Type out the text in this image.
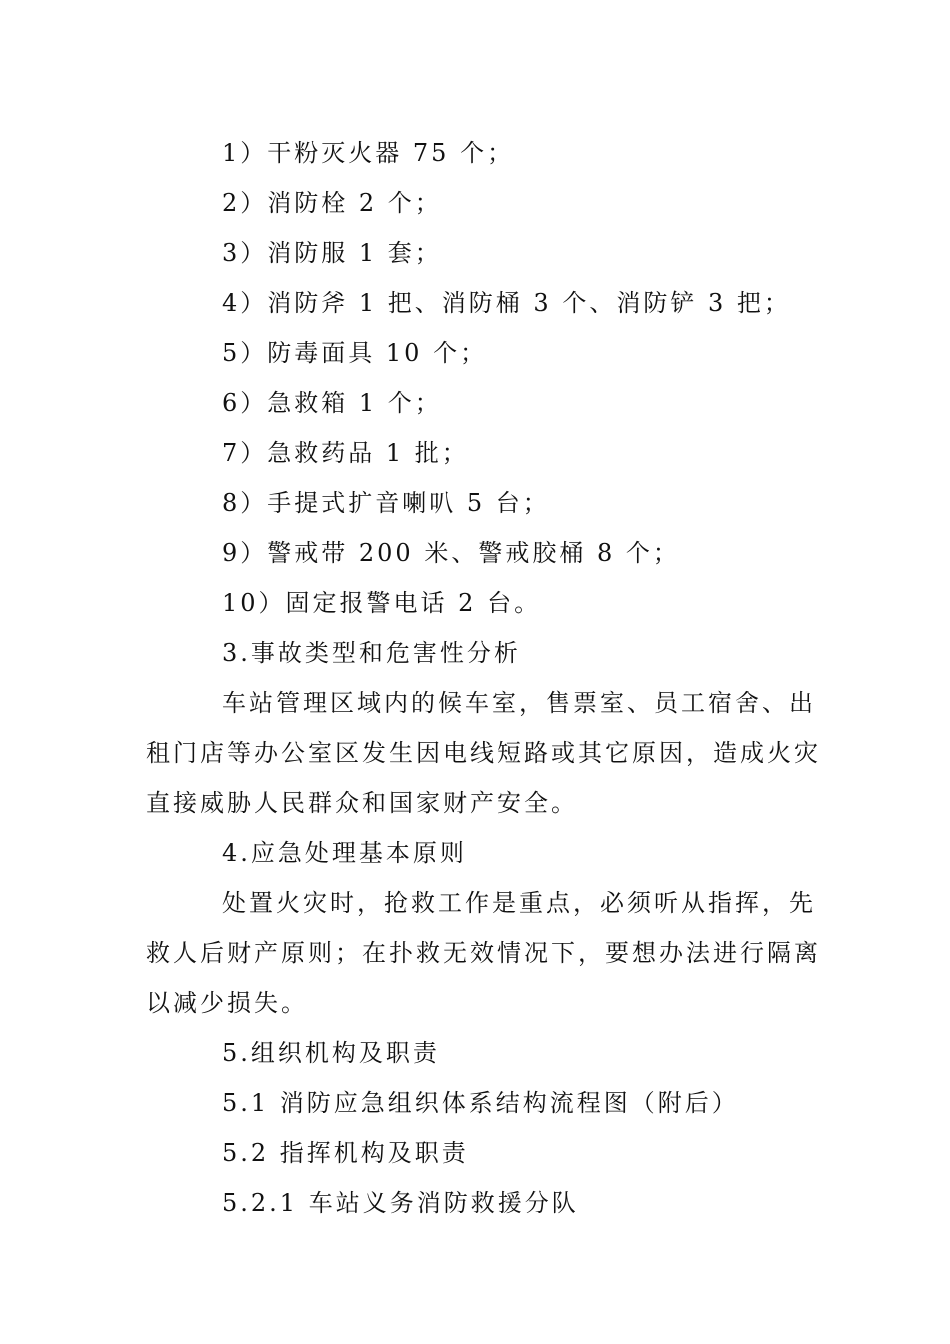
1）干粉灭火器 75 个；
2）消防栓 2 个；
3）消防服 1 套；
4）消防斧 1 把、消防桶 3 个、消防铲 3 把；
5）防毒面具 10 个；
6）急救箱 1 个；
7）急救药品 1 批；
8）手提式扩音喇叭 5 台；
9）警戒带 200 米、警戒胶桶 8 个；
10）固定报警电话 2 台。
3.事故类型和危害性分析
车站管理区域内的候车室，售票室、员工宿舍、出
租门店等办公室区发生因电线短路或其它原因，造成火灾
直接威胁人民群众和国家财产安全。
4.应急处理基本原则
处置火灾时，抢救工作是重点，必须听从指挥，先
救人后财产原则；在扑救无效情况下，要想办法进行隔离
以减少损失。
5.组织机构及职责
5.1 消防应急组织体系结构流程图（附后）
5.2 指挥机构及职责
5.2.1 车站义务消防救援分队
